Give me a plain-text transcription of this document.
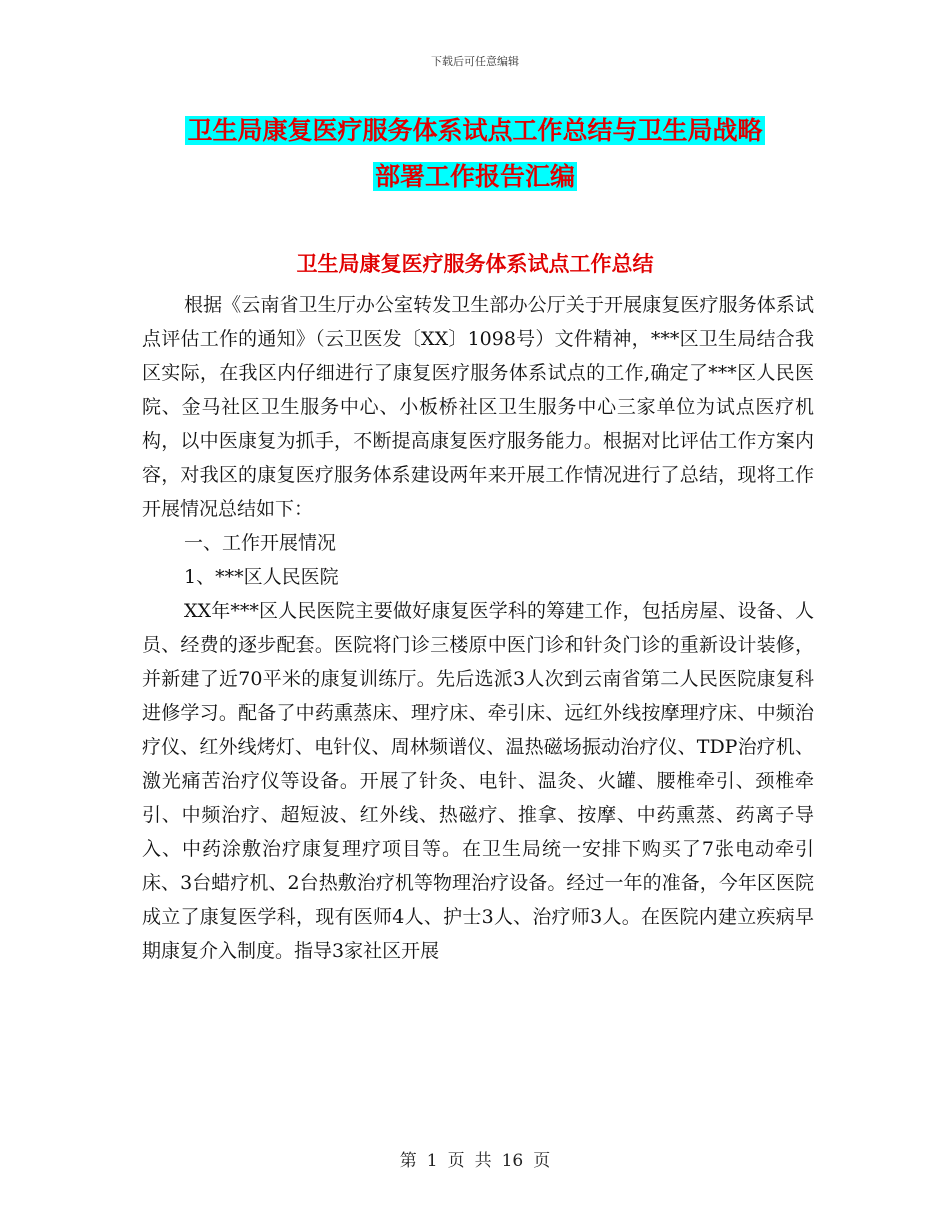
下载后可任意编辑
卫生局康复医疗服务体系试点工作总结与卫生局战略
部署工作报告汇编
卫生局康复医疗服务体系试点工作总结

根据《云南省卫生厅办公室转发卫生部办公厅关于开展康复医疗服务体系试点评估工作的通知》（云卫医发〔XX〕1098号）文件精神，***区卫生局结合我区实际，在我区内仔细进行了康复医疗服务体系试点的工作,确定了***区人民医院、金马社区卫生服务中心、小板桥社区卫生服务中心三家单位为试点医疗机构，以中医康复为抓手，不断提高康复医疗服务能力。根据对比评估工作方案内容，对我区的康复医疗服务体系建设两年来开展工作情况进行了总结，现将工作开展情况总结如下：

一、工作开展情况

1、***区人民医院

XX年***区人民医院主要做好康复医学科的筹建工作，包括房屋、设备、人员、经费的逐步配套。医院将门诊三楼原中医门诊和针灸门诊的重新设计装修，并新建了近70平米的康复训练厅。先后选派3人次到云南省第二人民医院康复科进修学习。配备了中药熏蒸床、理疗床、牵引床、远红外线按摩理疗床、中频治疗仪、红外线烤灯、电针仪、周林频谱仪、温热磁场振动治疗仪、TDP治疗机、激光痛苦治疗仪等设备。开展了针灸、电针、温灸、火罐、腰椎牵引、颈椎牵引、中频治疗、超短波、红外线、热磁疗、推拿、按摩、中药熏蒸、药离子导入、中药涂敷治疗康复理疗项目等。在卫生局统一安排下购买了7张电动牵引床、3台蜡疗机、2台热敷治疗机等物理治疗设备。经过一年的准备，今年区医院成立了康复医学科，现有医师4人、护士3人、治疗师3人。在医院内建立疾病早期康复介入制度。指导3家社区开展

第 1 页 共 16 页
